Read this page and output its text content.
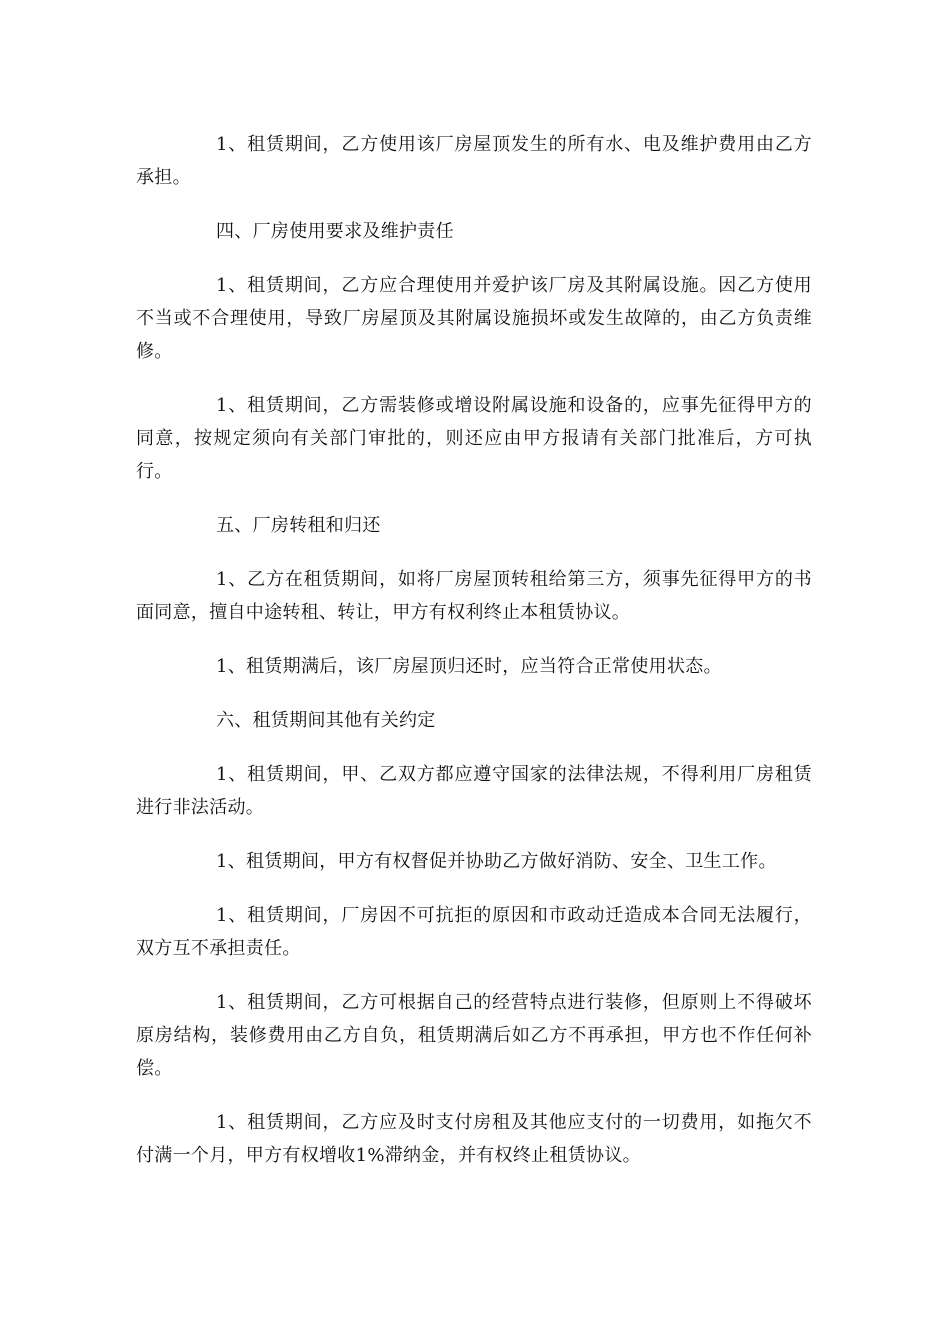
1、租赁期间，乙方使用该厂房屋顶发生的所有水、电及维护费用由乙方承担。

四、厂房使用要求及维护责任

1、租赁期间，乙方应合理使用并爱护该厂房及其附属设施。因乙方使用不当或不合理使用，导致厂房屋顶及其附属设施损坏或发生故障的，由乙方负责维修。

1、租赁期间，乙方需装修或增设附属设施和设备的，应事先征得甲方的同意，按规定须向有关部门审批的，则还应由甲方报请有关部门批准后，方可执行。

五、厂房转租和归还

1、乙方在租赁期间，如将厂房屋顶转租给第三方，须事先征得甲方的书面同意，擅自中途转租、转让，甲方有权利终止本租赁协议。

1、租赁期满后，该厂房屋顶归还时，应当符合正常使用状态。

六、租赁期间其他有关约定

1、租赁期间，甲、乙双方都应遵守国家的法律法规，不得利用厂房租赁进行非法活动。

1、租赁期间，甲方有权督促并协助乙方做好消防、安全、卫生工作。

1、租赁期间，厂房因不可抗拒的原因和市政动迁造成本合同无法履行，双方互不承担责任。

1、租赁期间，乙方可根据自己的经营特点进行装修，但原则上不得破坏原房结构，装修费用由乙方自负，租赁期满后如乙方不再承担，甲方也不作任何补偿。

1、租赁期间，乙方应及时支付房租及其他应支付的一切费用，如拖欠不付满一个月，甲方有权增收1%滞纳金，并有权终止租赁协议。
